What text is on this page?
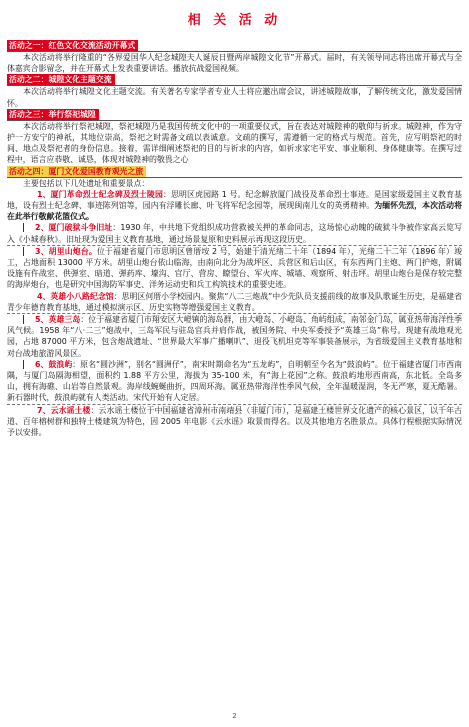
相 关 活 动
活动之一：红色文化交流活动开幕式

本次活动将举行隆重的“各界爱国华人纪念城隍夫人诞辰日暨两岸城隍文化节”开幕式。届时，有关领导同志将出席开幕式与全体嘉宾合影留念，并在开幕式上发表重要讲话。播放抗战爱国视频。

活动之二：城隍文化主题交流

本次活动将举行城隍文化主题交流。有关著名专家学者专业人士将应邀出席会议，讲述城隍故事，了解传统文化，激发爱国情怀。

活动之三：举行祭祀城隍

本次活动将举行祭祀城隍，祭祀城隍乃是我国传统文化中的一项重要仪式，旨在表达对城隍神的敬仰与祈求。城隍神，作为守护一方安宁的神祇，其地位崇高，祭祀之时需备文疏以表诚意。文疏的撰写，需遵循一定的格式与规范。首先，应写明祭祀的时间、地点及祭祀者的身份信息。接着，需详细阐述祭祀的目的与祈求的内容，如祈求家宅平安、事业顺利、身体健康等。在撰写过程中，语言应恭敬、诚恳，体现对城隍神的敬畏之心

活动之四：厦门文化爱国教育观光之旅

主要包括以下几处遗址和重要景点：

1、厦门革命烈士纪念碑及烈士陵园：思明区虎园路 1 号。纪念解放厦门战役及革命烈士事迹。是国家级爱国主义教育基地，设有烈士纪念碑、事迹陈列馆等，园内有浮雕长廊、叶飞将军纪念园等，展现闽南儿女的英勇精神。为缅怀先烈，本次活动将在此举行敬献花篮仪式。

2、厦门破狱斗争旧址：1930 年，中共地下党组织成功营救被关押的革命同志，这场惊心动魄的破狱斗争被作家高云览写入《小城春秋》。旧址现为爱国主义教育基地，通过场景复原和史料展示再现这段历史。

3、胡里山炮台。位于福建省厦门市思明区曾厝垵 2 号，始建于清光绪二十年（1894 年），光绪二十二年（1896 年）竣工，占地面积 13000 平方米。胡里山炮台依山临海，由南向北分为战坪区、兵营区和后山区，有东西两门主炮、两门护炮，附属设施有仵战室、供弹室、暗道、弹药库、壕沟、官厅、营房、瞭望台、军火库、城墙、观察所、射击坪。胡里山炮台是保存较完整的海岸炮台，也是研究中国海防军事史、洋务运动史和兵工构筑技术的重要史迹。

4、英雄小八路纪念馆：思明区何厝小学校园内。聚焦“八二三炮战”中少先队员支援前线的故事及队歌诞生历史，是福建省青少年德育教育基地，通过模拟演示区、历史实物等增强爱国主义教育。

5、英雄三岛：位于福建省厦门市翔安区大嶝镇的海岛群，由大嶝岛、小嶝岛、角屿组成，南邻金门岛，属亚热带海洋性季风气候。1958 年“八·二三”炮战中，三岛军民与驻岛官兵并肩作战，被国务院、中央军委授予“英雄三岛”称号。现建有战地观光园，占地 87000 平方米，包含炮战遗址、“世界最大军事广播喇叭”、退役飞机坦克等军事装备展示，为省级爱国主义教育基地和对台战地旅游风景区。

6、鼓浪屿：原名“圆沙洲”，别名“圆洲仔”，南宋时期命名为“五龙屿”，自明朝至今名为“鼓浪屿”。位于福建省厦门市西南隅，与厦门岛隔海相望，面积约 1.88 平方公里，海拔为 35-100 米，有“海上花园”之称。鼓浪屿地形西南高，东北低。全岛多山，拥有海礁、山岩等自然景观。海岸线蜿蜒曲折，四周环海。属亚热带海洋性季风气候，全年温暖湿润，冬无严寒，夏无酷暑。新石器时代，鼓浪屿就有人类活动。宋代开始有人定居。

7、云水谣土楼：云水谣土楼位于中国福建省漳州市南靖县（非厦门市），是福建土楼世界文化遗产的核心景区，以千年古道、百年榕树群和独特土楼建筑为特色，因 2005 年电影《云水谣》取景而得名。以及其他地方名胜景点。具体行程根据实际情况予以安排。

2
